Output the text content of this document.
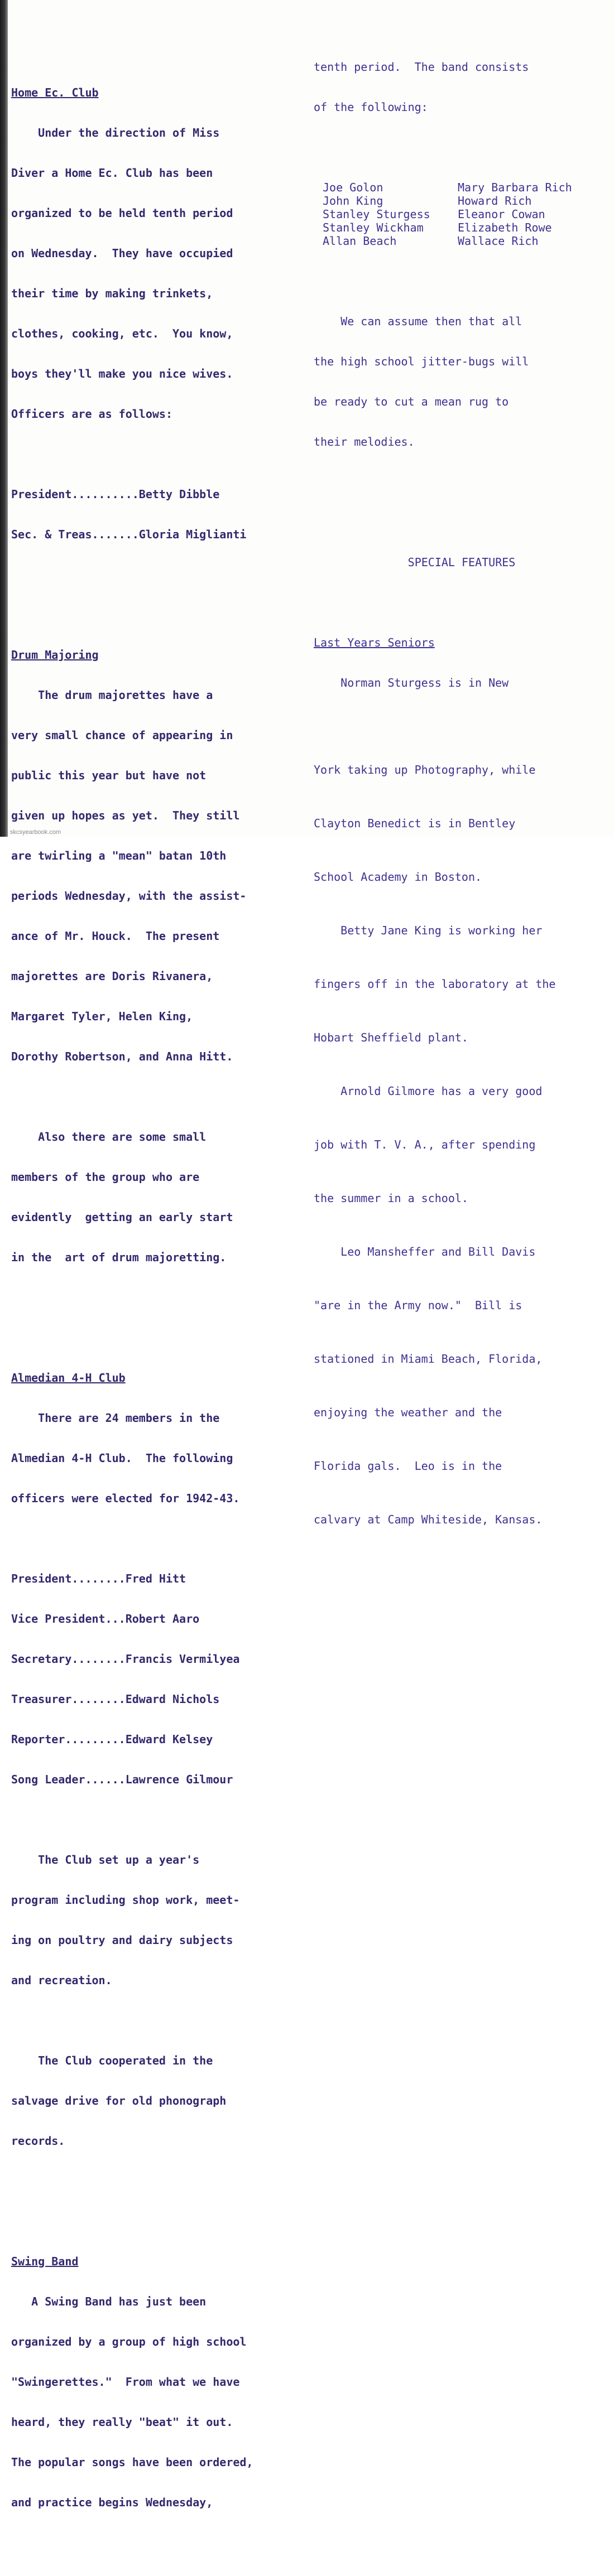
Home Ec. Club

Under the direction of Miss

Diver a Home Ec. Club has been

organized to be held tenth period

on Wednesday.  They have occupied

their time by making trinkets,

clothes, cooking, etc.  You know,

boys they'll make you nice wives.

Officers are as follows:

President..........Betty Dibble

Sec. & Treas.......Gloria Miglianti

Drum Majoring

The drum majorettes have a

very small chance of appearing in

public this year but have not

given up hopes as yet.  They still

are twirling a "mean" batan 10th

periods Wednesday, with the assist-

ance of Mr. Houck.  The present

majorettes are Doris Rivanera,

Margaret Tyler, Helen King,

Dorothy Robertson, and Anna Hitt.

Also there are some small

members of the group who are

evidently  getting an early start

in the  art of drum majoretting.

Almedian 4-H Club

There are 24 members in the

Almedian 4-H Club.  The following

officers were elected for 1942-43.

President........Fred Hitt

Vice President...Robert Aaro

Secretary........Francis Vermilyea

Treasurer........Edward Nichols

Reporter.........Edward Kelsey

Song Leader......Lawrence Gilmour

The Club set up a year's

program including shop work, meet-

ing on poultry and dairy subjects

and recreation.

The Club cooperated in the

salvage drive for old phonograph

records.

Swing Band

A Swing Band has just been

organized by a group of high school

"Swingerettes."  From what we have

heard, they really "beat" it out.

The popular songs have been ordered,

and practice begins Wednesday,

tenth period.  The band consists

of the following:

Joe Golon	Mary Barbara Rich
John King	Howard Rich
Stanley Sturgess	Eleanor Cowan
Stanley Wickham	Elizabeth Rowe
Allan Beach	Wallace Rich

We can assume then that all

the high school jitter-bugs will

be ready to cut a mean rug to

their melodies.

SPECIAL FEATURES

Last Years Seniors

Norman Sturgess is in New

York taking up Photography, while

Clayton Benedict is in Bentley

School Academy in Boston.

Betty Jane King is working her

fingers off in the laboratory at the

Hobart Sheffield plant.

Arnold Gilmore has a very good

job with T. V. A., after spending

the summer in a school.

Leo Mansheffer and Bill Davis

"are in the Army now."  Bill is

stationed in Miami Beach, Florida,

enjoying the weather and the

Florida gals.  Leo is in the

calvary at Camp Whiteside, Kansas.

skcsyearbook.com
